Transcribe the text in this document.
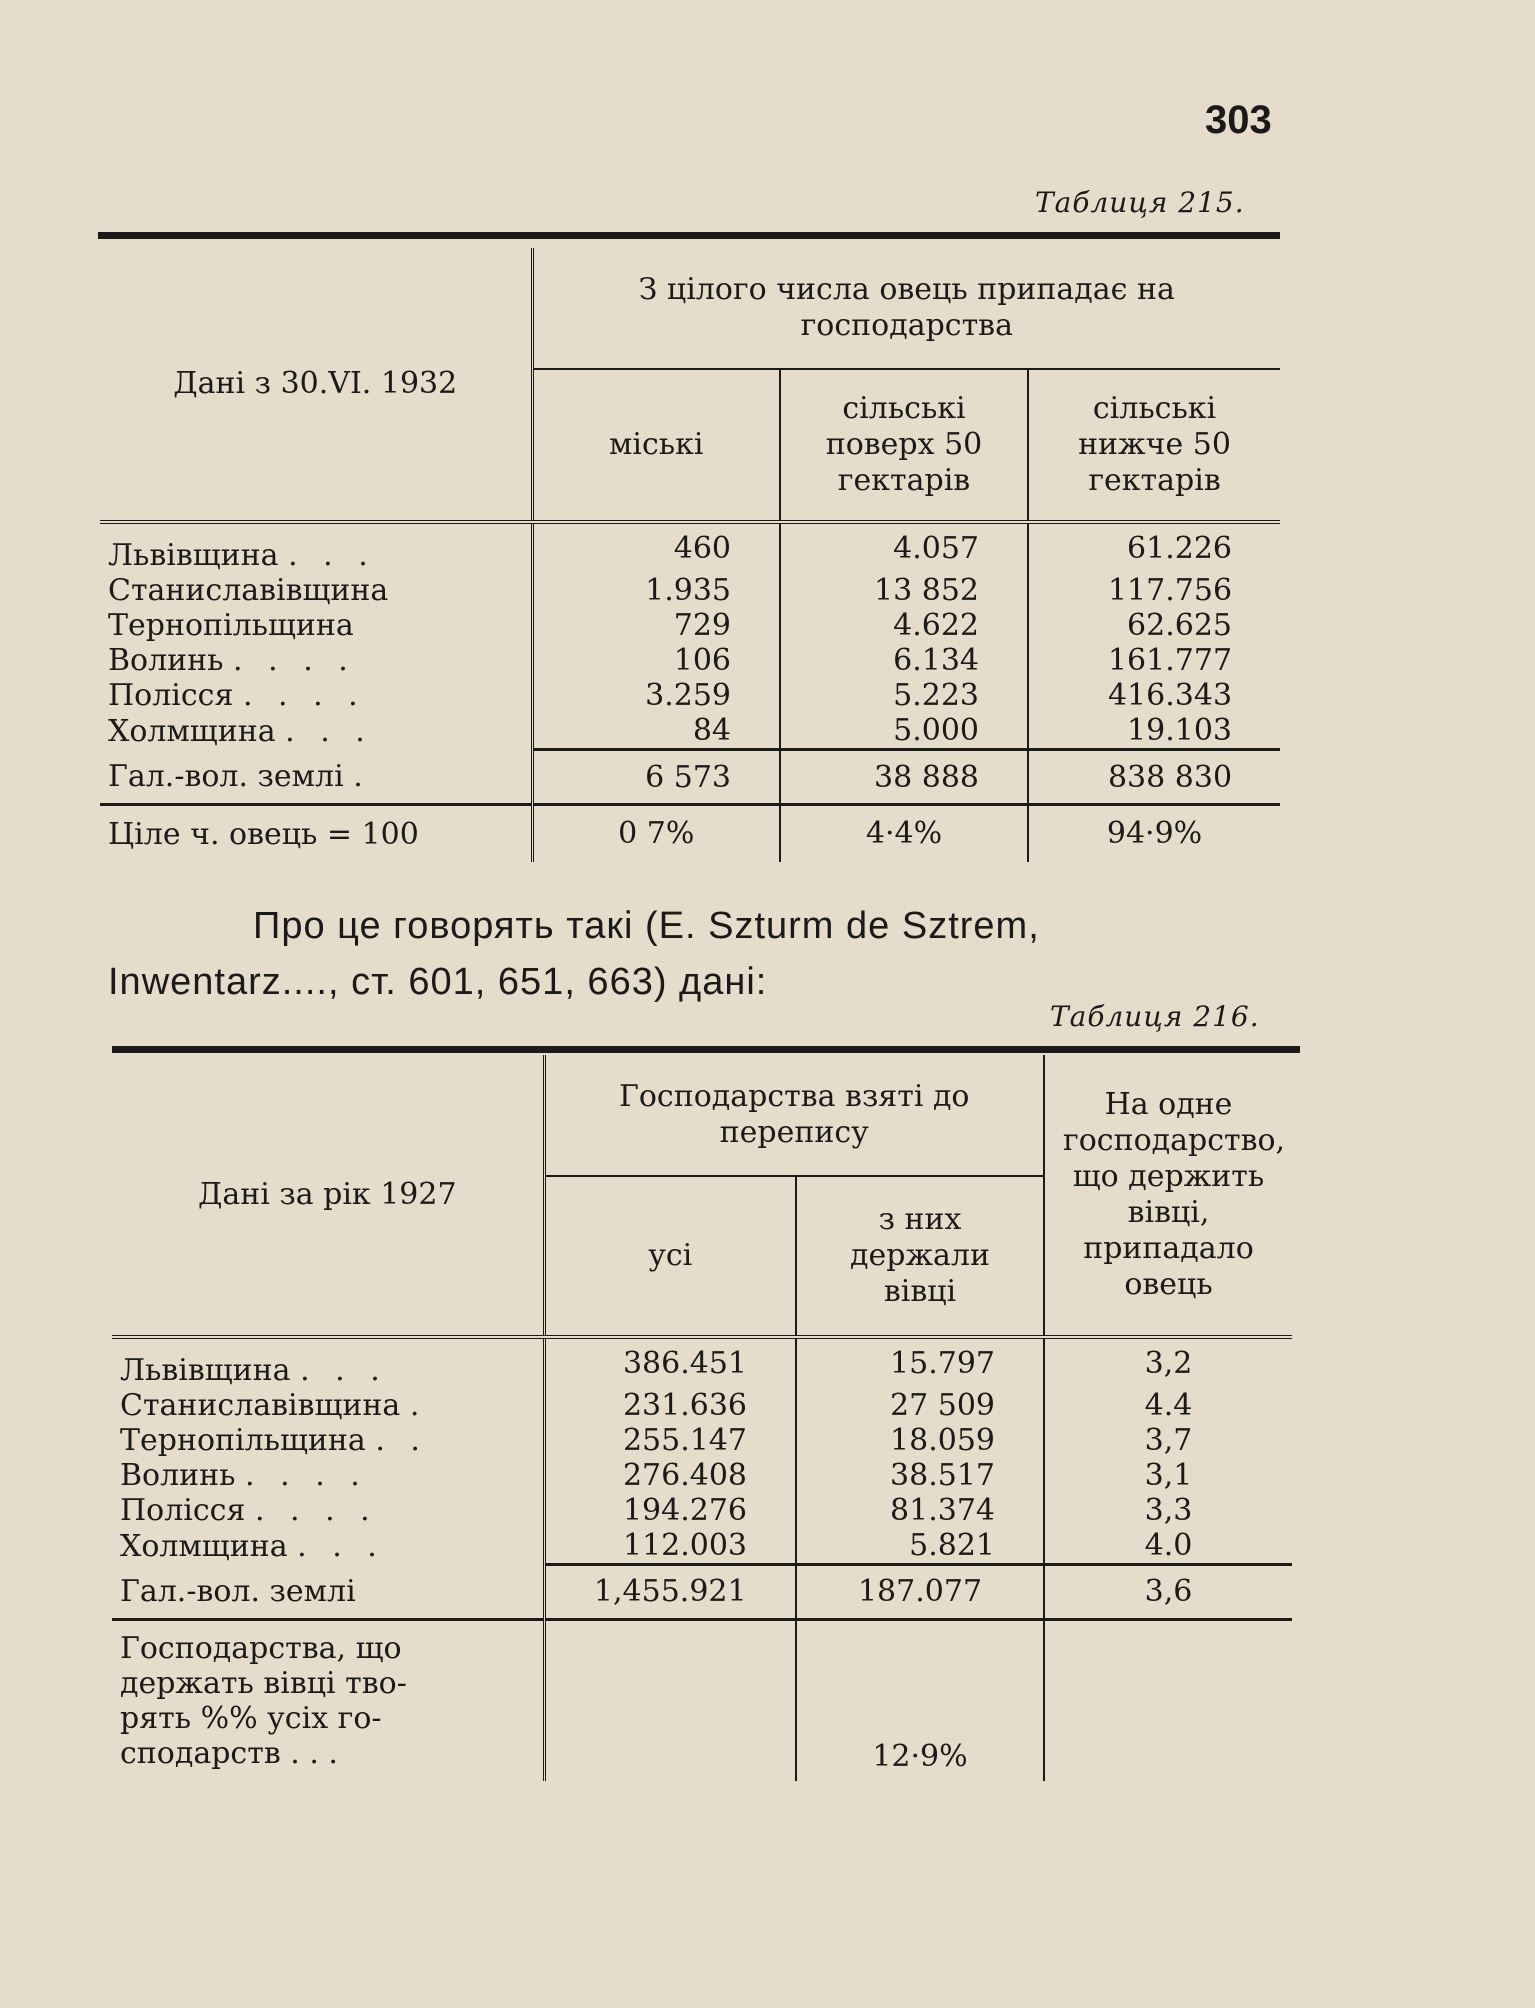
303
Таблиця 215.
Дані з 30.VI. 1932	З цілого числа овець припадає на господарства		
	міські	сільські поверх 50 гектарів	сільські нижче 50 гектарів
Львівщина . . .	460	4.057	61.226
Станиславівщина	1.935	13 852	117.756
Тернопільщина	729	4.622	62.625
Волинь . . . .	106	6.134	161.777
Полісся . . . .	3.259	5.223	416.343
Холмщина . . .	84	5.000	19.103
Гал.-вол. землі .	6 573	38 888	838 830
Ціле ч. овець = 100	0 7%	4·4%	94·9%
Про це говорять такі (E. Szturm de Sztrem,
Inwentarz...., ст. 601, 651, 663) дані:
Таблиця 216.
Дані за рік 1927	Господарства взяті до перепису		На одне господарство, що держить вівці, припадало овець
	усі	з них держали вівці	
Львівщина . . .	386.451	15.797	3,2
Станиславівщина .	231.636	27 509	4.4
Тернопільщина . .	255.147	18.059	3,7
Волинь . . . .	276.408	38.517	3,1
Полісся . . . .	194.276	81.374	3,3
Холмщина . . .	112.003	5.821	4.0
Гал.-вол. землі	1,455.921	187.077	3,6

Господарства, що
держать вівці тво-
рять %% усіх го-
сподарств . . .		12·9%	
